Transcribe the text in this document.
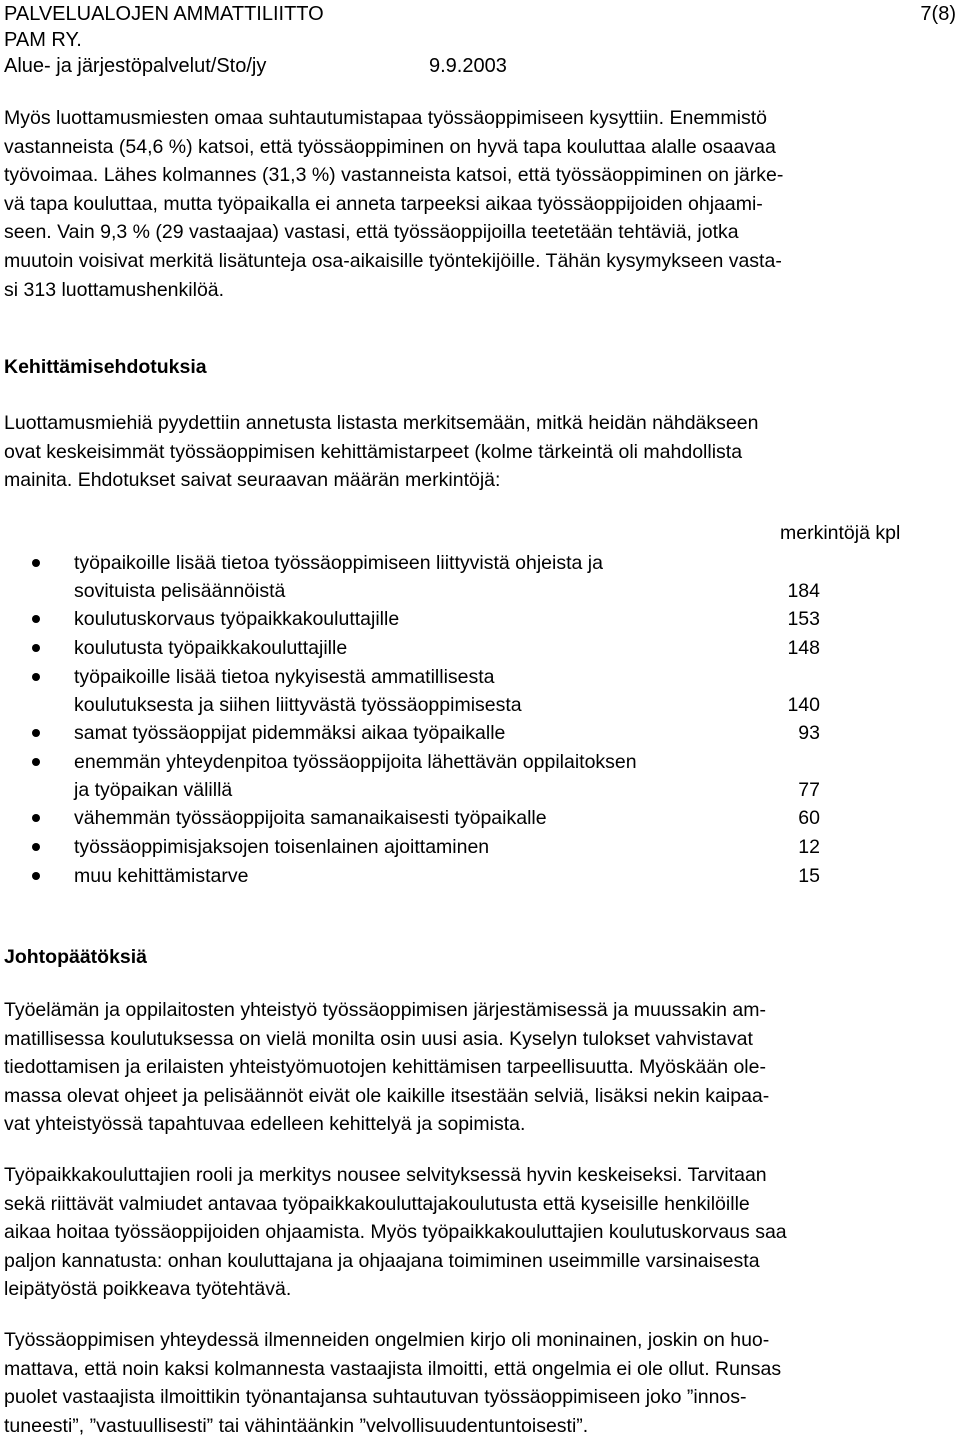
PALVELUALOJEN AMMATTILIITTO	7(8)
PAM RY.
Alue- ja järjestöpalvelut/Sto/jy	9.9.2003
Myös luottamusmiesten omaa suhtautumistapaa työssäoppimiseen kysyttiin. Enemmistö
vastanneista (54,6 %) katsoi, että työssäoppiminen on hyvä tapa kouluttaa alalle osaavaa
työvoimaa. Lähes kolmannes (31,3 %) vastanneista katsoi, että työssäoppiminen on järke-
vä tapa kouluttaa, mutta työpaikalla ei anneta tarpeeksi aikaa työssäoppijoiden ohjaami-
seen. Vain 9,3 % (29 vastaajaa) vastasi, että työssäoppijoilla teetetään tehtäviä, jotka
muutoin voisivat merkitä lisätunteja osa-aikaisille työntekijöille. Tähän kysymykseen vasta-
si 313 luottamushenkilöä.
Kehittämisehdotuksia
Luottamusmiehiä pyydettiin annetusta listasta merkitsemään, mitkä heidän nähdäkseen
ovat keskeisimmät työssäoppimisen kehittämistarpeet (kolme tärkeintä oli mahdollista
mainita. Ehdotukset saivat seuraavan määrän merkintöjä:
merkintöjä kpl
työpaikoille lisää tietoa työssäoppimiseen liittyvistä ohjeista ja
sovituista pelisäännöistä	184
koulutuskorvaus työpaikkakouluttajille	153
koulutusta työpaikkakouluttajille	148
työpaikoille lisää tietoa nykyisestä ammatillisesta
koulutuksesta ja siihen liittyvästä työssäoppimisesta	140
samat työssäoppijat pidemmäksi aikaa työpaikalle	93
enemmän yhteydenpitoa työssäoppijoita lähettävän oppilaitoksen
ja työpaikan välillä	77
vähemmän työssäoppijoita samanaikaisesti työpaikalle	60
työssäoppimisjaksojen toisenlainen ajoittaminen	12
muu kehittämistarve	15
Johtopäätöksiä
Työelämän ja oppilaitosten yhteistyö työssäoppimisen järjestämisessä ja muussakin am-
matillisessa koulutuksessa on vielä monilta osin uusi asia. Kyselyn tulokset vahvistavat
tiedottamisen ja erilaisten yhteistyömuotojen kehittämisen tarpeellisuutta. Myöskään ole-
massa olevat ohjeet ja pelisäännöt eivät ole kaikille itsestään selviä, lisäksi nekin kaipaa-
vat yhteistyössä tapahtuvaa edelleen kehittelyä ja sopimista.
Työpaikkakouluttajien rooli ja merkitys nousee selvityksessä hyvin keskeiseksi. Tarvitaan
sekä riittävät valmiudet antavaa työpaikkakouluttajakoulutusta että kyseisille henkilöille
aikaa hoitaa työssäoppijoiden ohjaamista. Myös työpaikkakouluttajien koulutuskorvaus saa
paljon kannatusta: onhan kouluttajana ja ohjaajana toimiminen useimmille varsinaisesta
leipätyöstä poikkeava työtehtävä.
Työssäoppimisen yhteydessä ilmenneiden ongelmien kirjo oli moninainen, joskin on huo-
mattava, että noin kaksi kolmannesta vastaajista ilmoitti, että ongelmia ei ole ollut. Runsas
puolet vastaajista ilmoittikin työnantajansa suhtautuvan työssäoppimiseen joko ”innos-
tuneesti”, ”vastuullisesti” tai vähintäänkin ”velvollisuudentuntoisesti”.
